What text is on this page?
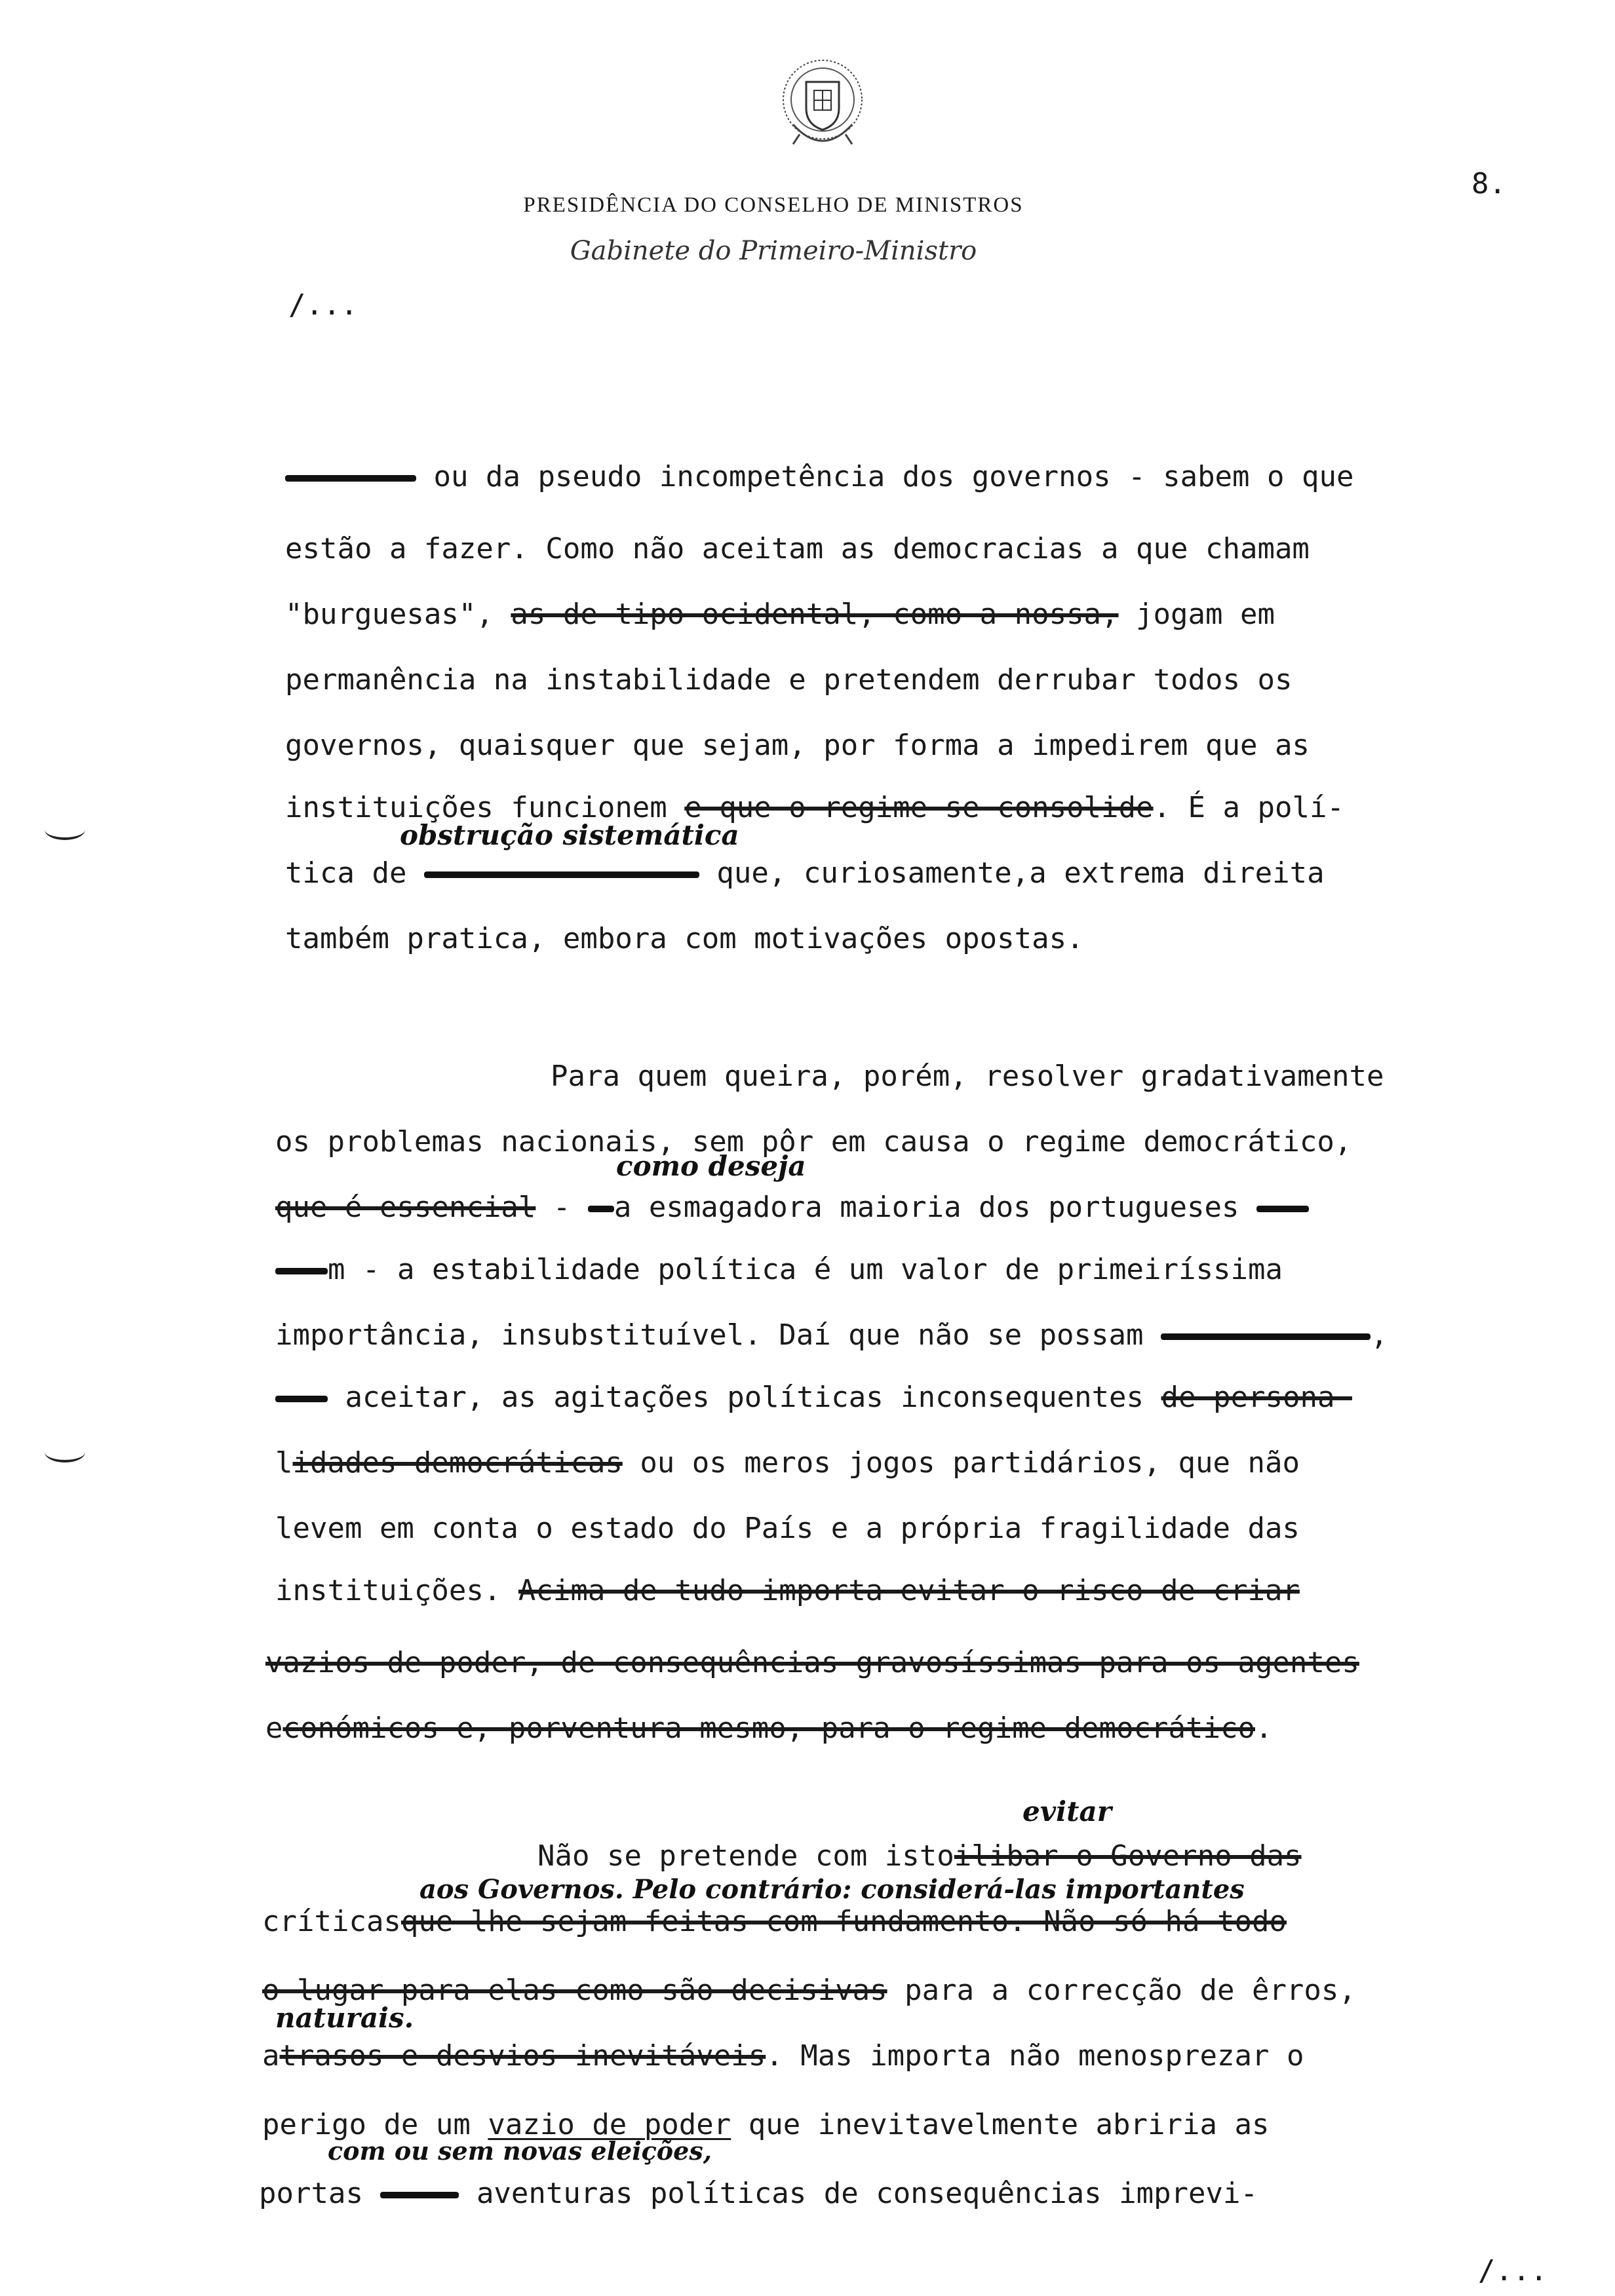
PRESIDÊNCIA DO CONSELHO DE MINISTROS
Gabinete do Primeiro-Ministro
8.
/...
ou da pseudo incompetência dos governos - sabem o que
estão a fazer. Como não aceitam as democracias a que chamam
"burguesas", as de tipo ocidental, como a nossa, jogam em
permanência na instabilidade e pretendem derrubar todos os
governos, quaisquer que sejam, por forma a impedirem que as
instituições funcionem e que o regime se consolide. É a polí-
obstrução sistemática
tica de	que, curiosamente,a extrema direita
também pratica, embora com motivações opostas.
Para quem queira, porém, resolver gradativamente
os problemas nacionais, sem pôr em causa o regime democrático,
como deseja
que é essencial - a esmagadora maioria dos portugueses
m - a estabilidade política é um valor de primeiríssima
importância, insubstituível. Daí que não se possam	,
aceitar, as agitações políticas inconsequentes de persona-
lidades democráticas ou os meros jogos partidários, que não
levem em conta o estado do País e a própria fragilidade das
instituições. Acima de tudo importa evitar o risco de criar
vazios de poder, de consequências gravosíssimas para os agentes
económicos e, porventura mesmo, para o regime democrático.
evitar
Não se pretende com istoilibar o Governo das
aos Governos. Pelo contrário: considerá-las importantes
críticasque lhe sejam feitas com fundamento. Não só há todo
o lugar para elas como são decisivas para a correcção de êrros,
naturais.
atrasos e desvios inevitáveis. Mas importa não menosprezar o
perigo de um vazio de poder que inevitavelmente abriria as
com ou sem novas eleições,
portas	aventuras políticas de consequências imprevi-
/...
